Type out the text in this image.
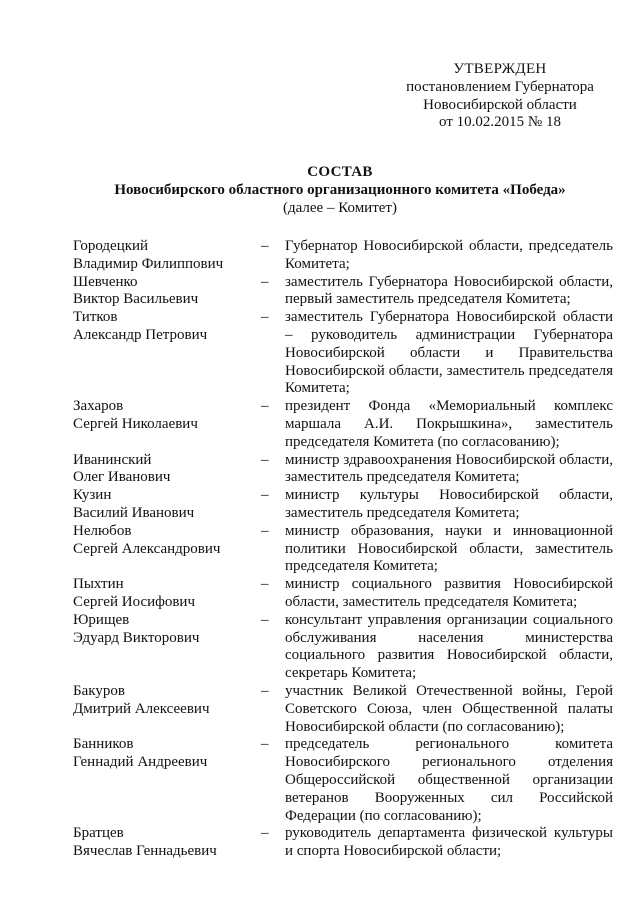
УТВЕРЖДЕН
постановлением Губернатора
Новосибирской области
от 10.02.2015 № 18
СОСТАВ
Новосибирского областного организационного комитета «Победа»
(далее – Комитет)
Городецкий
Владимир Филиппович
–	Губернатор Новосибирской области, председатель Комитета;
Шевченко
Виктор Васильевич
–	заместитель Губернатора Новосибирской области, первый заместитель председателя Комитета;
Титков
Александр Петрович
–	заместитель Губернатора Новосибирской области – руководитель администрации Губернатора Новосибирской области и Правительства Новосибирской области, заместитель председателя Комитета;
Захаров
Сергей Николаевич
–	президент Фонда «Мемориальный комплекс маршала А.И. Покрышкина», заместитель председателя Комитета (по согласованию);
Иванинский
Олег Иванович
–	министр здравоохранения Новосибирской области, заместитель председателя Комитета;
Кузин
Василий Иванович
–	министр культуры Новосибирской области, заместитель председателя Комитета;
Нелюбов
Сергей Александрович
–	министр образования, науки и инновационной политики Новосибирской области, заместитель председателя Комитета;
Пыхтин
Сергей Иосифович
–	министр социального развития Новосибирской области, заместитель председателя Комитета;
Юрищев
Эдуард Викторович
–	консультант управления организации социального обслуживания населения министерства социального развития Новосибирской области, секретарь Комитета;
Бакуров
Дмитрий Алексеевич
–	участник Великой Отечественной войны, Герой Советского Союза, член Общественной палаты Новосибирской области (по согласованию);
Банников
Геннадий Андреевич
–	председатель регионального комитета Новосибирского регионального отделения Общероссийской общественной организации ветеранов Вооруженных сил Российской Федерации (по согласованию);
Братцев
Вячеслав Геннадьевич
–	руководитель департамента физической культуры и спорта Новосибирской области;
